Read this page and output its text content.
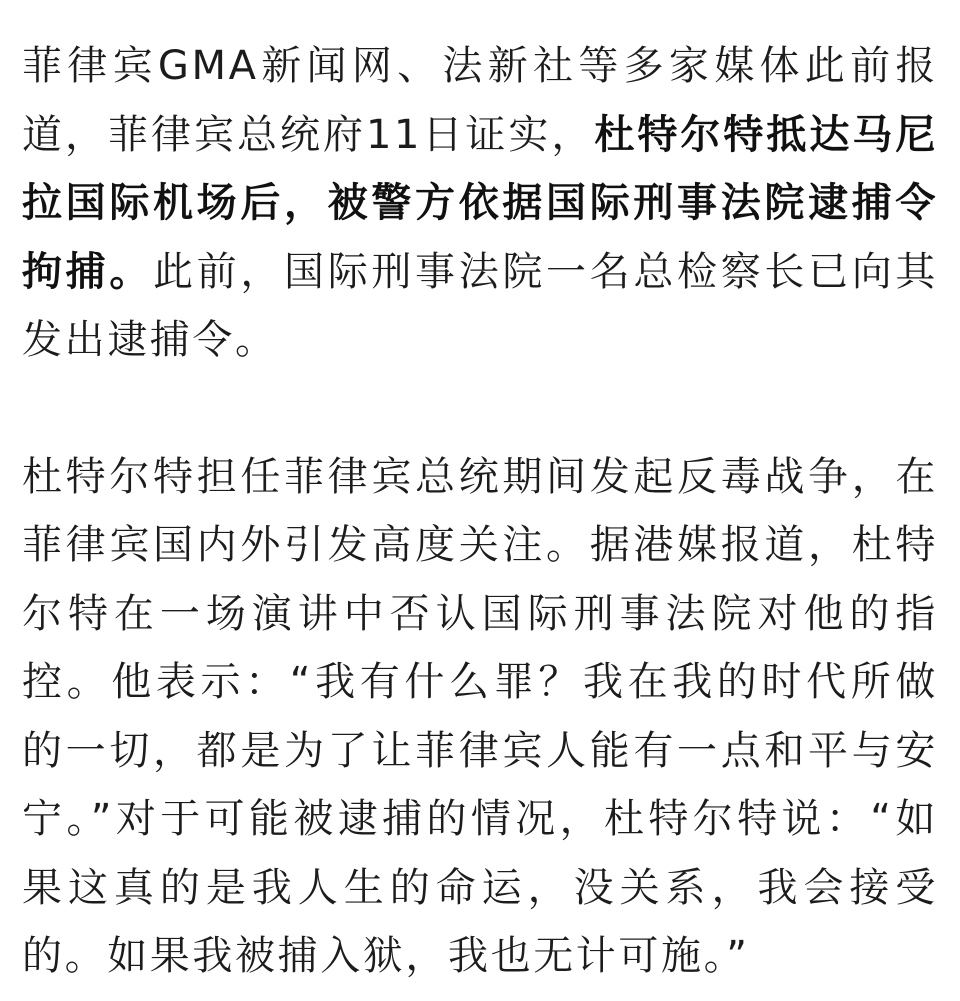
菲律宾GMA新闻网、法新社等多家媒体此前报道，菲律宾总统府11日证实，杜特尔特抵达马尼拉国际机场后，被警方依据国际刑事法院逮捕令拘捕。此前，国际刑事法院一名总检察长已向其发出逮捕令。

杜特尔特担任菲律宾总统期间发起反毒战争，在菲律宾国内外引发高度关注。据港媒报道，杜特尔特在一场演讲中否认国际刑事法院对他的指控。他表示：“我有什么罪？我在我的时代所做的一切，都是为了让菲律宾人能有一点和平与安宁。”对于可能被逮捕的情况，杜特尔特说：“如果这真的是我人生的命运，没关系，我会接受的。如果我被捕入狱，我也无计可施。”
